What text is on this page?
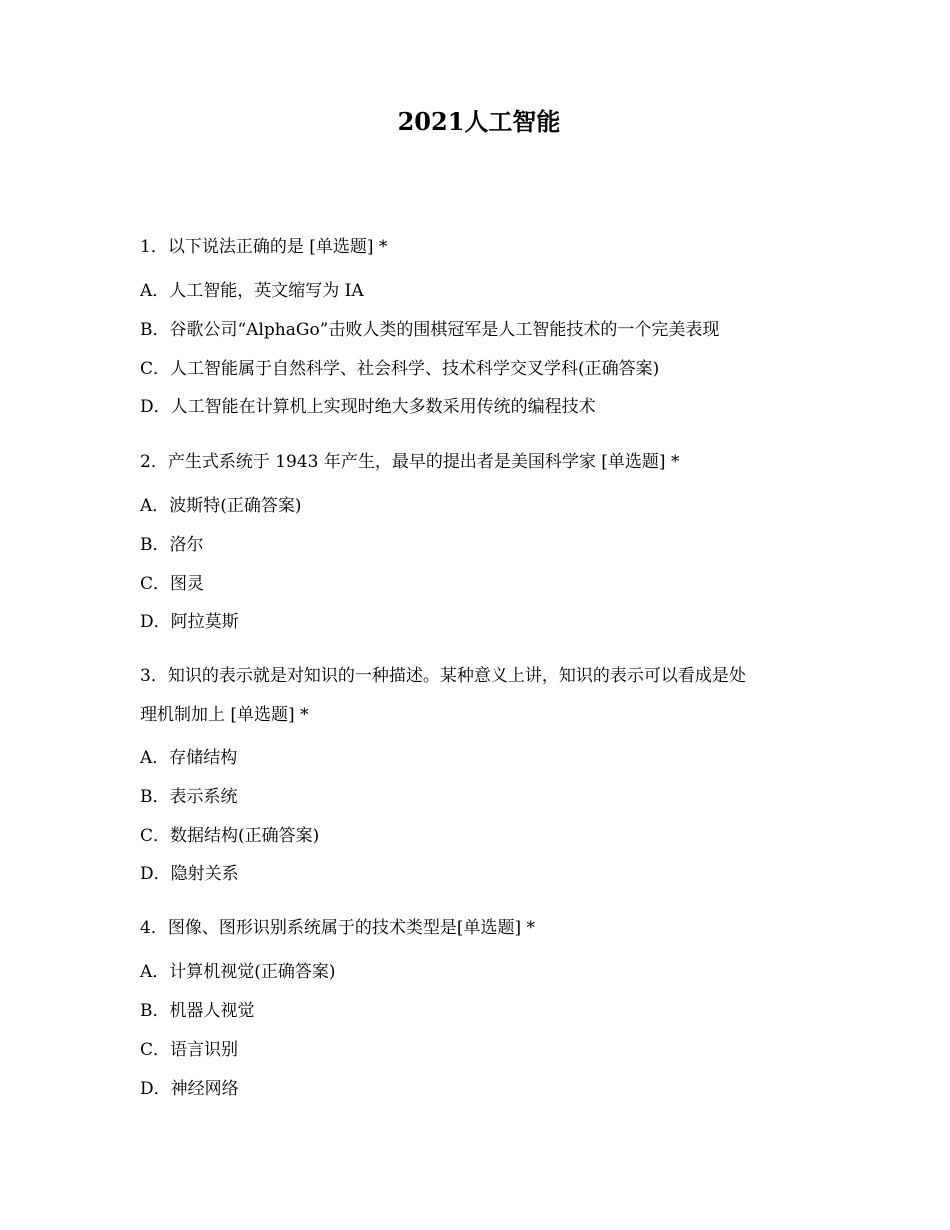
2021人工智能
1．以下说法正确的是 [单选题] *
A．人工智能，英文缩写为 IA
B．谷歌公司“AlphaGo”击败人类的围棋冠军是人工智能技术的一个完美表现
C．人工智能属于自然科学、社会科学、技术科学交叉学科(正确答案)
D．人工智能在计算机上实现时绝大多数采用传统的编程技术
2．产生式系统于 1943 年产生，最早的提出者是美国科学家 [单选题] *
A．波斯特(正确答案)
B．洛尔
C．图灵
D．阿拉莫斯
3．知识的表示就是对知识的一种描述。某种意义上讲，知识的表示可以看成是处
理机制加上 [单选题] *
A．存储结构
B．表示系统
C．数据结构(正确答案)
D．隐射关系
4．图像、图形识别系统属于的技术类型是[单选题] *
A．计算机视觉(正确答案)
B．机器人视觉
C．语言识别
D．神经网络
